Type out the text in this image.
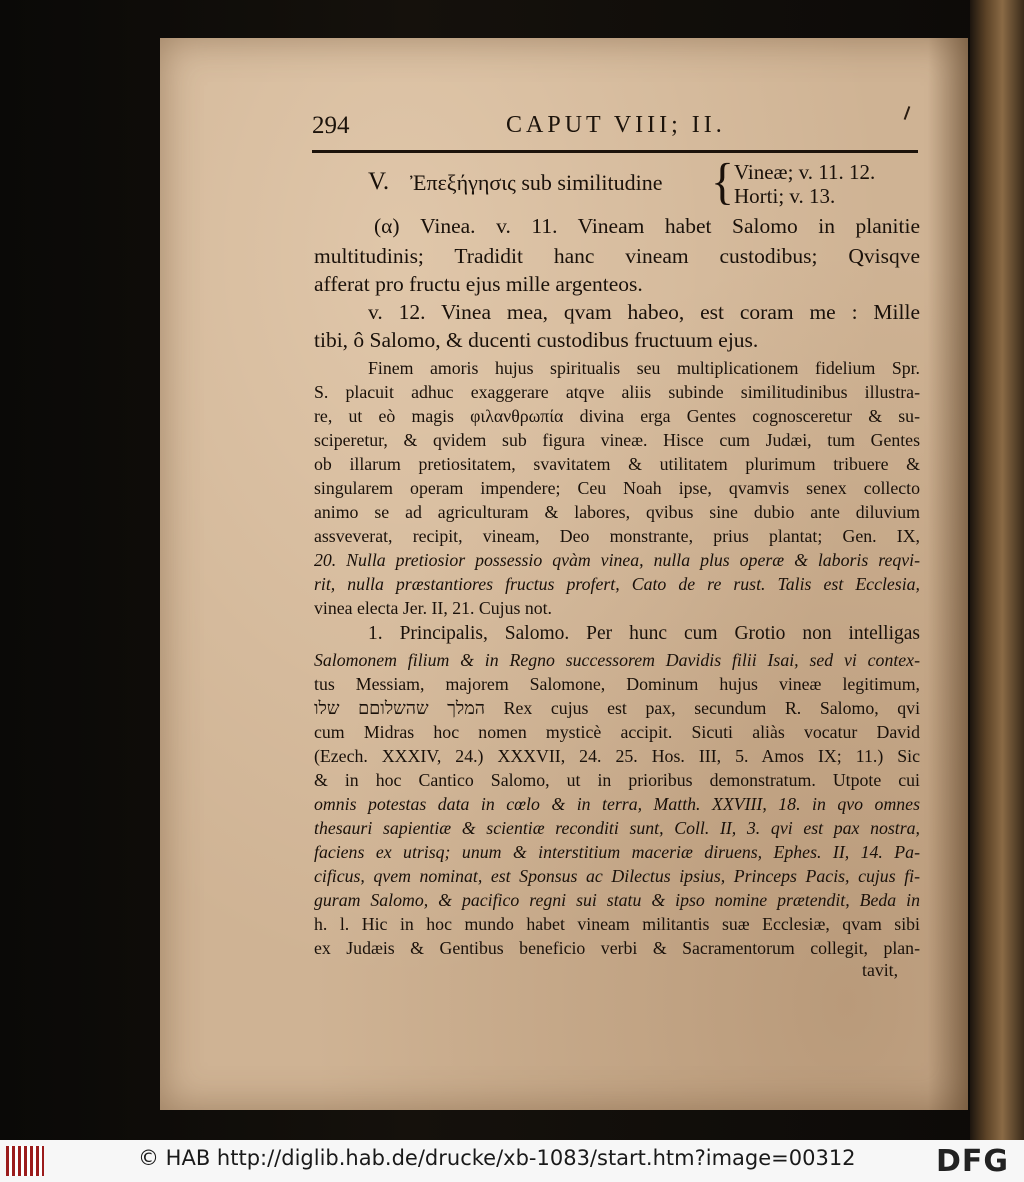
294	CAPUT VIII; II.
V. Ἐπεξήγησις sub similitudine { Vineæ; v. 11. 12.
Horti; v. 13.
(α) Vinea. v. 11. Vineam habet Salomo in planitie
multitudinis; Tradidit hanc vineam custodibus; Qvisqve
afferat pro fructu ejus mille argenteos.
v. 12. Vinea mea, qvam habeo, est coram me : Mille
tibi, ô Salomo, & ducenti custodibus fructuum ejus.
Finem amoris hujus spiritualis seu multiplicationem fidelium Spr.
S. placuit adhuc exaggerare atqve aliis subinde similitudinibus illustra-
re, ut eò magis φιλανθρωπία divina erga Gentes cognosceretur & su-
sciperetur, & qvidem sub figura vineæ. Hisce cum Judæi, tum Gentes
ob illarum pretiositatem, svavitatem & utilitatem plurimum tribuere &
singularem operam impendere; Ceu Noah ipse, qvamvis senex collecto
animo se ad agriculturam & labores, qvibus sine dubio ante diluvium
assveverat, recipit, vineam, Deo monstrante, prius plantat; Gen. IX,
20. Nulla pretiosior possessio qvàm vinea, nulla plus operæ & laboris reqvi-
rit, nulla præstantiores fructus profert, Cato de re rust. Talis est Ecclesia,
vinea electa Jer. II, 21. Cujus not.
1. Principalis, Salomo. Per hunc cum Grotio non intelligas
Salomonem filium & in Regno successorem Davidis filii Isai, sed vi contex-
tus Messiam, majorem Salomone, Dominum hujus vineæ legitimum,
המלך שהשלוםם שלו Rex cujus est pax, secundum R. Salomo, qvi
cum Midras hoc nomen mysticè accipit. Sicuti aliàs vocatur David
(Ezech. XXXIV, 24.) XXXVII, 24. 25. Hos. III, 5. Amos IX; 11.) Sic
& in hoc Cantico Salomo, ut in prioribus demonstratum. Utpote cui
omnis potestas data in cœlo & in terra, Matth. XXVIII, 18. in qvo omnes
thesauri sapientiæ & scientiæ reconditi sunt, Coll. II, 3. qvi est pax nostra,
faciens ex utrisq; unum & interstitium maceriæ diruens, Ephes. II, 14. Pa-
cificus, qvem nominat, est Sponsus ac Dilectus ipsius, Princeps Pacis, cujus fi-
guram Salomo, & pacifico regni sui statu & ipso nomine prætendit, Beda in
h. l. Hic in hoc mundo habet vineam militantis suæ Ecclesiæ, qvam sibi
ex Judæis & Gentibus beneficio verbi & Sacramentorum collegit, plan-
tavit,
© HAB http://diglib.hab.de/drucke/xb-1083/start.htm?image=00312	DFG
